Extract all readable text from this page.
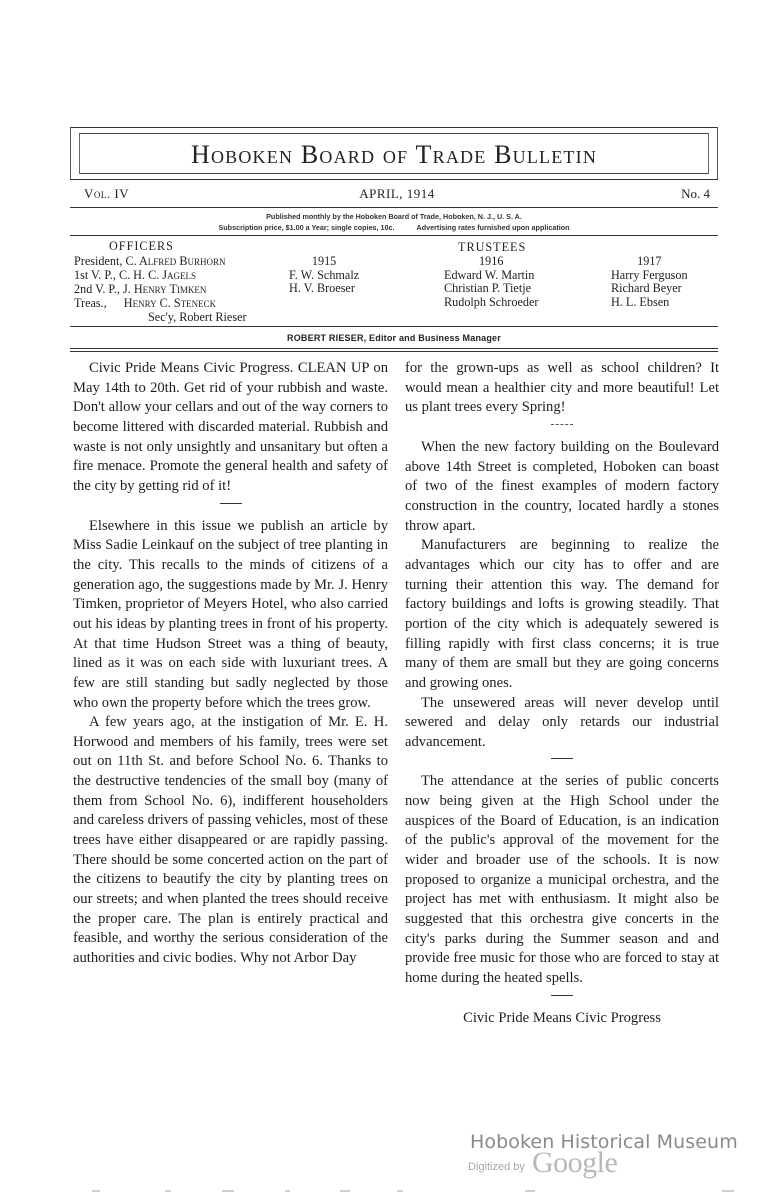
Hoboken Board of Trade Bulletin
Vol. IV	APRIL, 1914	No. 4
Published monthly by the Hoboken Board of Trade, Hoboken, N. J., U. S. A.
Subscription price, $1.00 a Year; single copies, 10c.	Advertising rates furnished upon application
OFFICERS
President, C. Alfred Burhorn
1st V. P., C. H. C. Jagels
2nd V. P., J. Henry Timken
Treas., Henry C. Steneck
Sec'y, Robert Rieser
TRUSTEES
1915
F. W. Schmalz
H. V. Broeser
1916
Edward W. Martin
Christian P. Tietje
Rudolph Schroeder
1917
Harry Ferguson
Richard Beyer
H. L. Ebsen
ROBERT RIESER, Editor and Business Manager

Civic Pride Means Civic Progress. CLEAN UP on May 14th to 20th. Get rid of your rubbish and waste. Don't allow your cellars and out of the way corners to become littered with discarded material. Rubbish and waste is not only unsightly and unsanitary but often a fire menace. Promote the general health and safety of the city by getting rid of it!

Elsewhere in this issue we publish an article by Miss Sadie Leinkauf on the subject of tree planting in the city. This recalls to the minds of citizens of a generation ago, the suggestions made by Mr. J. Henry Timken, proprietor of Meyers Hotel, who also carried out his ideas by planting trees in front of his property. At that time Hudson Street was a thing of beauty, lined as it was on each side with luxuriant trees. A few are still standing but sadly neglected by those who own the property before which the trees grow.

A few years ago, at the instigation of Mr. E. H. Horwood and members of his family, trees were set out on 11th St. and before School No. 6. Thanks to the destructive tendencies of the small boy (many of them from School No. 6), indifferent householders and careless drivers of passing vehicles, most of these trees have either disappeared or are rapidly passing. There should be some concerted action on the part of the citizens to beautify the city by planting trees on our streets; and when planted the trees should receive the proper care. The plan is entirely practical and feasible, and worthy the serious consideration of the authorities and civic bodies. Why not Arbor Day

for the grown-ups as well as school children? It would mean a healthier city and more beautiful! Let us plant trees every Spring!

When the new factory building on the Boulevard above 14th Street is completed, Hoboken can boast of two of the finest examples of modern factory construction in the country, located hardly a stones throw apart.

Manufacturers are beginning to realize the advantages which our city has to offer and are turning their attention this way. The demand for factory buildings and lofts is growing steadily. That portion of the city which is adequately sewered is filling rapidly with first class concerns; it is true many of them are small but they are going concerns and growing ones.

The unsewered areas will never develop until sewered and delay only retards our industrial advancement.

The attendance at the series of public concerts now being given at the High School under the auspices of the Board of Education, is an indication of the public's approval of the movement for the wider and broader use of the schools. It is now proposed to organize a municipal orchestra, and the project has met with enthusiasm. It might also be suggested that this orchestra give concerts in the city's parks during the Summer season and and provide free music for those who are forced to stay at home during the heated spells.

Civic Pride Means Civic Progress

Hoboken Historical Museum
Digitized by Google
